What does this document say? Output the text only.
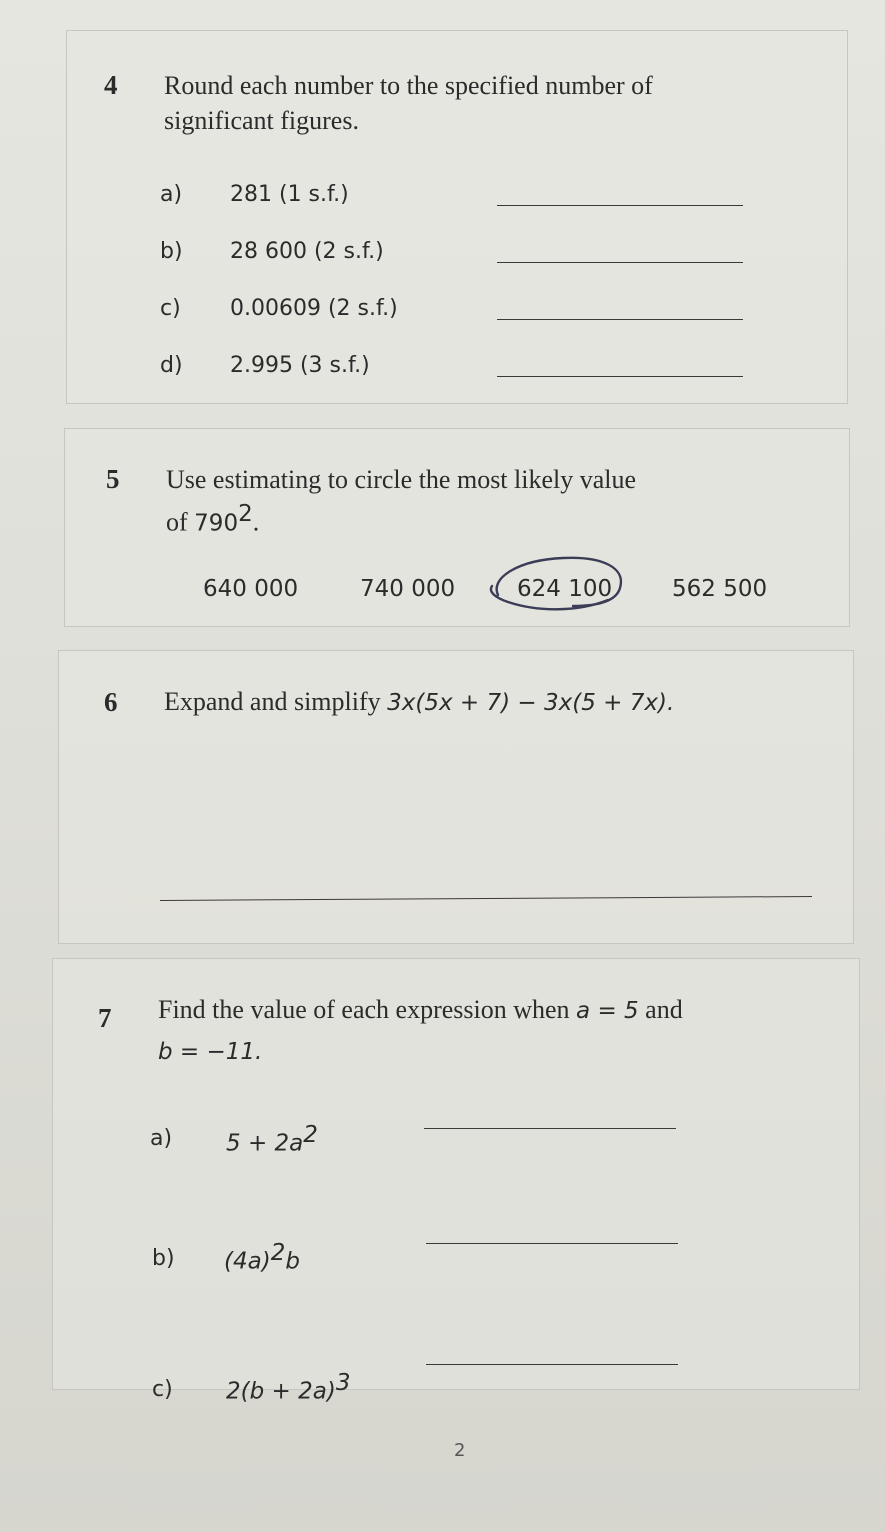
4 Round each number to the specified number of
significant figures.
a) 281 (1 s.f.)
b) 28 600 (2 s.f.)
c) 0.00609 (2 s.f.)
d) 2.995 (3 s.f.)
5 Use estimating to circle the most likely value
of $790^2$.
640 000	740 000	624 100	562 500
6 Expand and simplify 3x(5x + 7) − 3x(5 + 7x).
7 Find the value of each expression when a = 5 and
b = −11.
a) $5 + 2a^2$
b) $(4a)^2b$
c) $2(b + 2a)^3$
2
